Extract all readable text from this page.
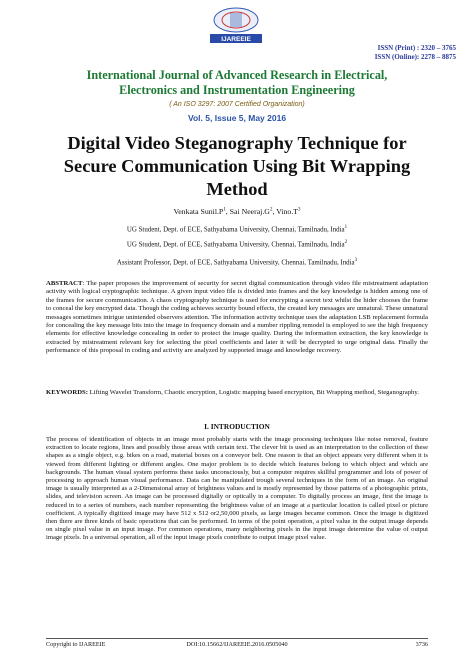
IJAREEIE
ISSN (Print) : 2320 – 3765
ISSN (Online): 2278 – 8875
International Journal of Advanced Research in Electrical,
Electronics and Instrumentation Engineering
( An ISO 3297: 2007 Certified Organization)
Vol. 5, Issue 5, May 2016
Digital Video Steganography Technique for
Secure Communication Using Bit Wrapping
Method
Venkata $Sunil.P^1$, Sai $Neeraj.G^2$, $Vino.T^3$
UG Student, Dept. of ECE, Sathyabama University, Chennai, Tamilnadu, India$^1$
UG Student, Dept. of ECE, Sathyabama University, Chennai, Tamilnadu, India$^2$
Assistant Professor, Dept. of ECE, Sathyabama University, Chennai, Tamilnadu, India$^3$

ABSTRACT: The paper proposes the improvement of security for secret digital communication through video file mistreatment adaptation activity with logical cryptographic technique. A given input video file is divided into frames and the key knowledge is hidden among one of the frames for secure communication. A chaos cryptography technique is used for encrypting a secret text whilst the hider chooses the frame to conceal the key encrypted data. Though the coding achieves security bound effects, the created key messages are unnatural. These unnatural messages sometimes intrigue unintended observers attention. The information activity technique uses the adaptation LSB replacement formula for concealing the key message bits into the image in frequency domain and a number rippling remodel is employed to see the high frequency elements for effective knowledge concealing in order to protect the image quality. During the information extraction, the key knowledge is extracted by mistreatment relevant key for selecting the pixel coefficients and later it will be decrypted to urge original data. Finally the performance of this proposal in coding and activity are analyzed by supported image and knowledge recovery.

KEYWORDS: Lifting Wavelet Transform, Chaotic encryption, Logistic mapping based encryption, Bit Wrapping method, Steganography.

I. INTRODUCTION

The process of identification of objects in an image most probably starts with the image processing techniques like noise removal, feature extraction to locate regions, lines and possibly those areas with certain text. The clever bit is used as an interpretation to the collection of these shapes as a single object, e.g. bikes on a road, material boxes on a conveyor belt. One reason is that an object appears very different when it is viewed from different lighting or different angles. One major problem is to decide which features belong to which object and which are backgrounds. The human visual system performs these tasks unconsciously, but a computer requires skillful programmer and lots of power of processing to approach human visual performance. Data can be manipulated trough several techniques in the form of an image. An original image is usually interpreted as a 2-Dimensional array of brightness values and is mostly represented by those patterns of a photographic prints, slides, and television screen. An image can be processed digitally or optically in a computer. To digitally process an image, first the image is reduced in to a series of numbers, each number representing the brightness value of an image at a particular location is called pixel or picture coefficient. A typically digitized image may have 512 x 512 or2,50,000 pixels, as large images became common. Once the image is digitized then there are three kinds of basic operations that can be performed. In terms of the point operation, a pixel value in the output image depends on single pixel value in an input image. For common operations, many neighboring pixels in the input image determine the value of output image pixels. In a universal operation, all of the input image pixels contribute to output image pixel value.

Copyright to IJAREEIE	DOI:10.15662/IJAREEIE.2016.0505040	3736
